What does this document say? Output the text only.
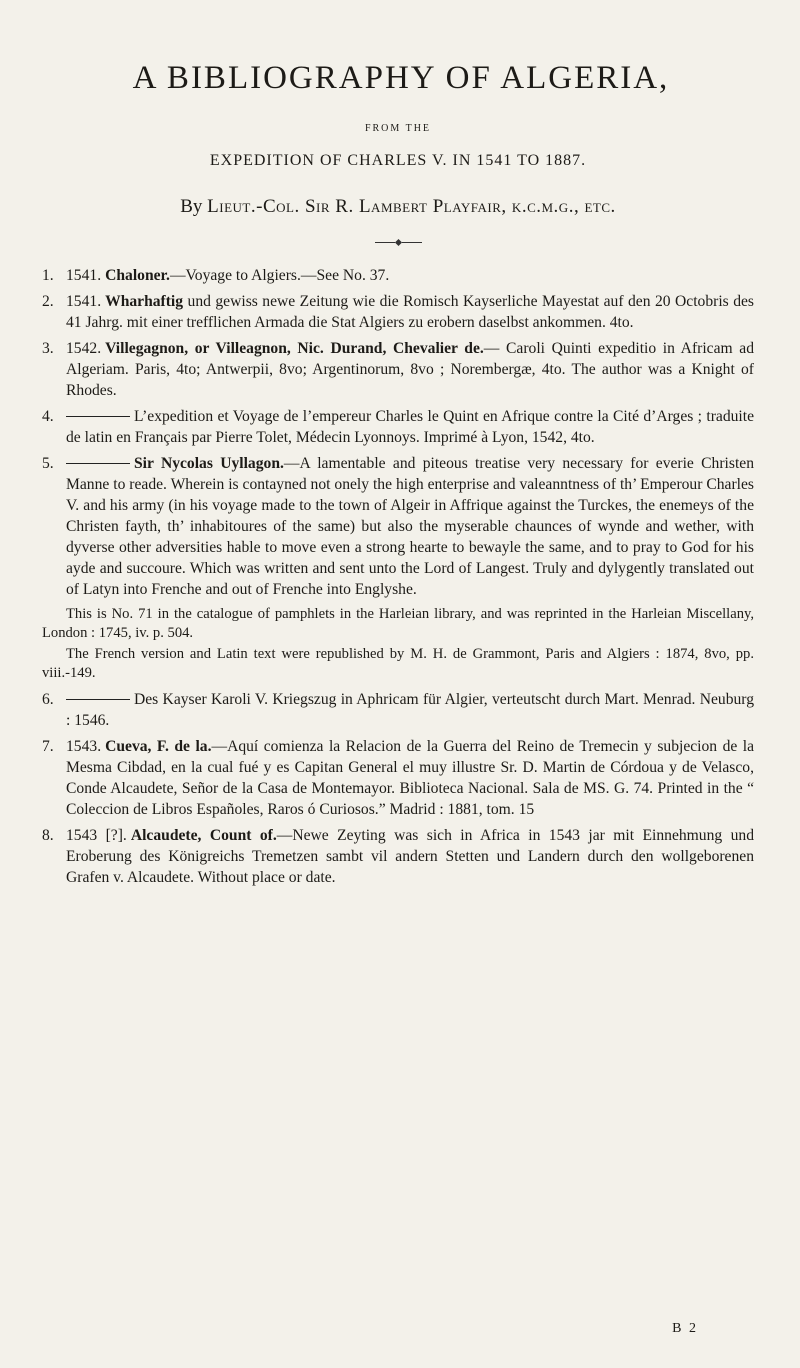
A BIBLIOGRAPHY OF ALGERIA,
FROM THE
EXPEDITION OF CHARLES V. IN 1541 TO 1887.
By Lieut.-Col. Sir R. Lambert Playfair, k.c.m.g., etc.

1. 1541. Chaloner.—Voyage to Algiers.—See No. 37.

2. 1541. Wharhaftig und gewiss newe Zeitung wie die Romisch Kayserliche Mayestat auf den 20 Octobris des 41 Jahrg. mit einer trefflichen Armada die Stat Algiers zu erobern daselbst ankommen. 4to.

3. 1542. Villegagnon, or Villeagnon, Nic. Durand, Chevalier de.— Caroli Quinti expeditio in Africam ad Algeriam. Paris, 4to; Antwerpii, 8vo; Argentinorum, 8vo ; Norembergæ, 4to. The author was a Knight of Rhodes.

4.	L’expedition et Voyage de l’empereur Charles le Quint en Afrique contre la Cité d’Arges ; traduite de latin en Français par Pierre Tolet, Médecin Lyonnoys. Imprimé à Lyon, 1542, 4to.

5.	Sir Nycolas Uyllagon.—A lamentable and piteous treatise very necessary for everie Christen Manne to reade. Wherein is contayned not onely the high enterprise and valeanntness of th’ Emperour Charles V. and his army (in his voyage made to the town of Algeir in Affrique against the Turckes, the enemeys of the Christen fayth, th’ inhabitoures of the same) but also the myserable chaunces of wynde and wether, with dyverse other adversities hable to move even a strong hearte to bewayle the same, and to pray to God for his ayde and succoure. Which was written and sent unto the Lord of Langest. Truly and dylygently translated out of Latyn into Frenche and out of Frenche into Englyshe.

This is No. 71 in the catalogue of pamphlets in the Harleian library, and was reprinted in the Harleian Miscellany, London : 1745, iv. p. 504.

The French version and Latin text were republished by M. H. de Grammont, Paris and Algiers : 1874, 8vo, pp. viii.-149.

6.	Des Kayser Karoli V. Kriegszug in Aphricam für Algier, verteutscht durch Mart. Menrad. Neuburg : 1546.

7. 1543. Cueva, F. de la.—Aquí comienza la Relacion de la Guerra del Reino de Tremecin y subjecion de la Mesma Cibdad, en la cual fué y es Capitan General el muy illustre Sr. D. Martin de Córdoua y de Velasco, Conde Alcaudete, Señor de la Casa de Montemayor. Biblioteca Nacional. Sala de MS. G. 74. Printed in the “ Coleccion de Libros Españoles, Raros ó Curiosos.” Madrid : 1881, tom. 15

8. 1543 [?]. Alcaudete, Count of.—Newe Zeyting was sich in Africa in 1543 jar mit Einnehmung und Eroberung des Königreichs Tremetzen sambt vil andern Stetten und Landern durch den wollgeborenen Grafen v. Alcaudete. Without place or date.

B 2
